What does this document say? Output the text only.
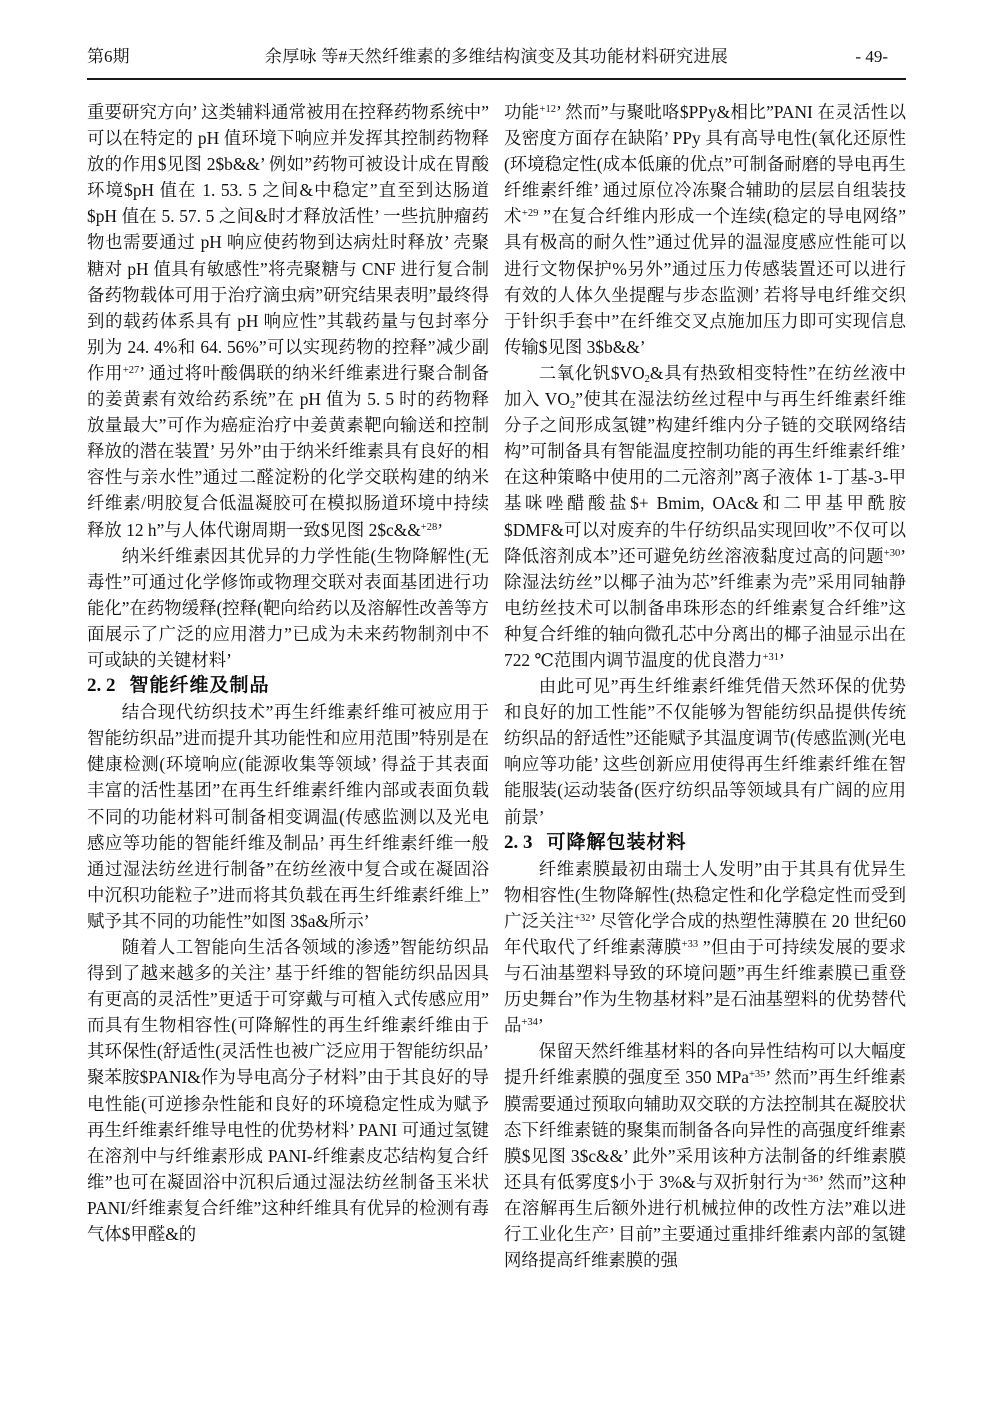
第6期	余厚咏 等#天然纤维素的多维结构演变及其功能材料研究进展	- 49-

重要研究方向’ 这类辅料通常被用在控释药物系统中”可以在特定的 pH 值环境下响应并发挥其控制药物释放的作用$见图 2$b&&’ 例如”药物可被设计成在胃酸环境$pH 值在 1. 53. 5 之间&中稳定”直至到达肠道$pH 值在 5. 57. 5 之间&时才释放活性’ 一些抗肿瘤药物也需要通过 pH 响应使药物到达病灶时释放’ 壳聚糖对 pH 值具有敏感性”将壳聚糖与 CNF 进行复合制备药物载体可用于治疗滴虫病”研究结果表明”最终得到的载药体系具有 pH 响应性”其载药量与包封率分别为 24. 4%和 64. 56%”可以实现药物的控释”减少副作用$^{+27}$’ 通过将叶酸偶联的纳米纤维素进行聚合制备的姜黄素有效给药系统”在 pH 值为 5. 5 时的药物释放量最大”可作为癌症治疗中姜黄素靶向输送和控制释放的潜在装置’ 另外”由于纳米纤维素具有良好的相容性与亲水性”通过二醛淀粉的化学交联构建的纳米纤维素/明胶复合低温凝胶可在模拟肠道环境中持续释放 12 h”与人体代谢周期一致$见图 2$c&&$^{+28}$’

纳米纤维素因其优异的力学性能(生物降解性(无毒性”可通过化学修饰或物理交联对表面基团进行功能化”在药物缓释(控释(靶向给药以及溶解性改善等方面展示了广泛的应用潜力”已成为未来药物制剂中不可或缺的关键材料’

2. 2 智能纤维及制品

结合现代纺织技术”再生纤维素纤维可被应用于智能纺织品”进而提升其功能性和应用范围”特别是在健康检测(环境响应(能源收集等领域’ 得益于其表面丰富的活性基团”在再生纤维素纤维内部或表面负载不同的功能材料可制备相变调温(传感监测以及光电感应等功能的智能纤维及制品’ 再生纤维素纤维一般通过湿法纺丝进行制备”在纺丝液中复合或在凝固浴中沉积功能粒子”进而将其负载在再生纤维素纤维上”赋予其不同的功能性”如图 3$a&所示’

随着人工智能向生活各领域的渗透”智能纺织品得到了越来越多的关注’ 基于纤维的智能纺织品因具有更高的灵活性”更适于可穿戴与可植入式传感应用”而具有生物相容性(可降解性的再生纤维素纤维由于其环保性(舒适性(灵活性也被广泛应用于智能纺织品’ 聚苯胺$PANI&作为导电高分子材料”由于其良好的导电性能(可逆掺杂性能和良好的环境稳定性成为赋予再生纤维素纤维导电性的优势材料’ PANI 可通过氢键在溶剂中与纤维素形成 PANI-纤维素皮芯结构复合纤维”也可在凝固浴中沉积后通过湿法纺丝制备玉米状 PANI/纤维素复合纤维”这种纤维具有优异的检测有毒气体$甲醛&的

功能$^{+12}$’ 然而”与聚吡咯$PPy&相比”PANI 在灵活性以及密度方面存在缺陷’ PPy 具有高导电性(氧化还原性(环境稳定性(成本低廉的优点”可制备耐磨的导电再生纤维素纤维’ 通过原位冷冻聚合辅助的层层自组装技术$^{+29}$ ”在复合纤维内形成一个连续(稳定的导电网络”具有极高的耐久性”通过优异的温湿度感应性能可以进行文物保护%另外”通过压力传感装置还可以进行有效的人体久坐提醒与步态监测’ 若将导电纤维交织于针织手套中”在纤维交叉点施加压力即可实现信息传输$见图 3$b&&’

二氧化钒$\$VO_2\&$具有热致相变特性”在纺丝液中加入 $VO_2$”使其在湿法纺丝过程中与再生纤维素纤维分子之间形成氢键”构建纤维内分子链的交联网络结构”可制备具有智能温度控制功能的再生纤维素纤维’ 在这种策略中使用的二元溶剂”离子液体 1-丁基-3-甲基咪唑醋酸盐$+ Bmim, OAc&和二甲基甲酰胺$DMF&可以对废弃的牛仔纺织品实现回收”不仅可以降低溶剂成本”还可避免纺丝溶液黏度过高的问题$^{+30}$’ 除湿法纺丝”以椰子油为芯”纤维素为壳”采用同轴静电纺丝技术可以制备串珠形态的纤维素复合纤维”这种复合纤维的轴向微孔芯中分离出的椰子油显示出在 722 ℃范围内调节温度的优良潜力$^{+31}$’

由此可见”再生纤维素纤维凭借天然环保的优势和良好的加工性能”不仅能够为智能纺织品提供传统纺织品的舒适性”还能赋予其温度调节(传感监测(光电响应等功能’ 这些创新应用使得再生纤维素纤维在智能服装(运动装备(医疗纺织品等领域具有广阔的应用前景’

2. 3 可降解包装材料

纤维素膜最初由瑞士人发明”由于其具有优异生物相容性(生物降解性(热稳定性和化学稳定性而受到广泛关注$^{+32}$’ 尽管化学合成的热塑性薄膜在 20 世纪60 年代取代了纤维素薄膜$^{+33}$ ”但由于可持续发展的要求与石油基塑料导致的环境问题”再生纤维素膜已重登历史舞台”作为生物基材料”是石油基塑料的优势替代品$^{+34}$’

保留天然纤维基材料的各向异性结构可以大幅度提升纤维素膜的强度至 350 MPa$^{+35}$’ 然而”再生纤维素膜需要通过预取向辅助双交联的方法控制其在凝胶状态下纤维素链的聚集而制备各向异性的高强度纤维素膜$见图 3$c&&’ 此外”采用该种方法制备的纤维素膜还具有低雾度$小于 3%&与双折射行为$^{+36}$’ 然而”这种在溶解再生后额外进行机械拉伸的改性方法”难以进行工业化生产’ 目前”主要通过重排纤维素内部的氢键网络提高纤维素膜的强
